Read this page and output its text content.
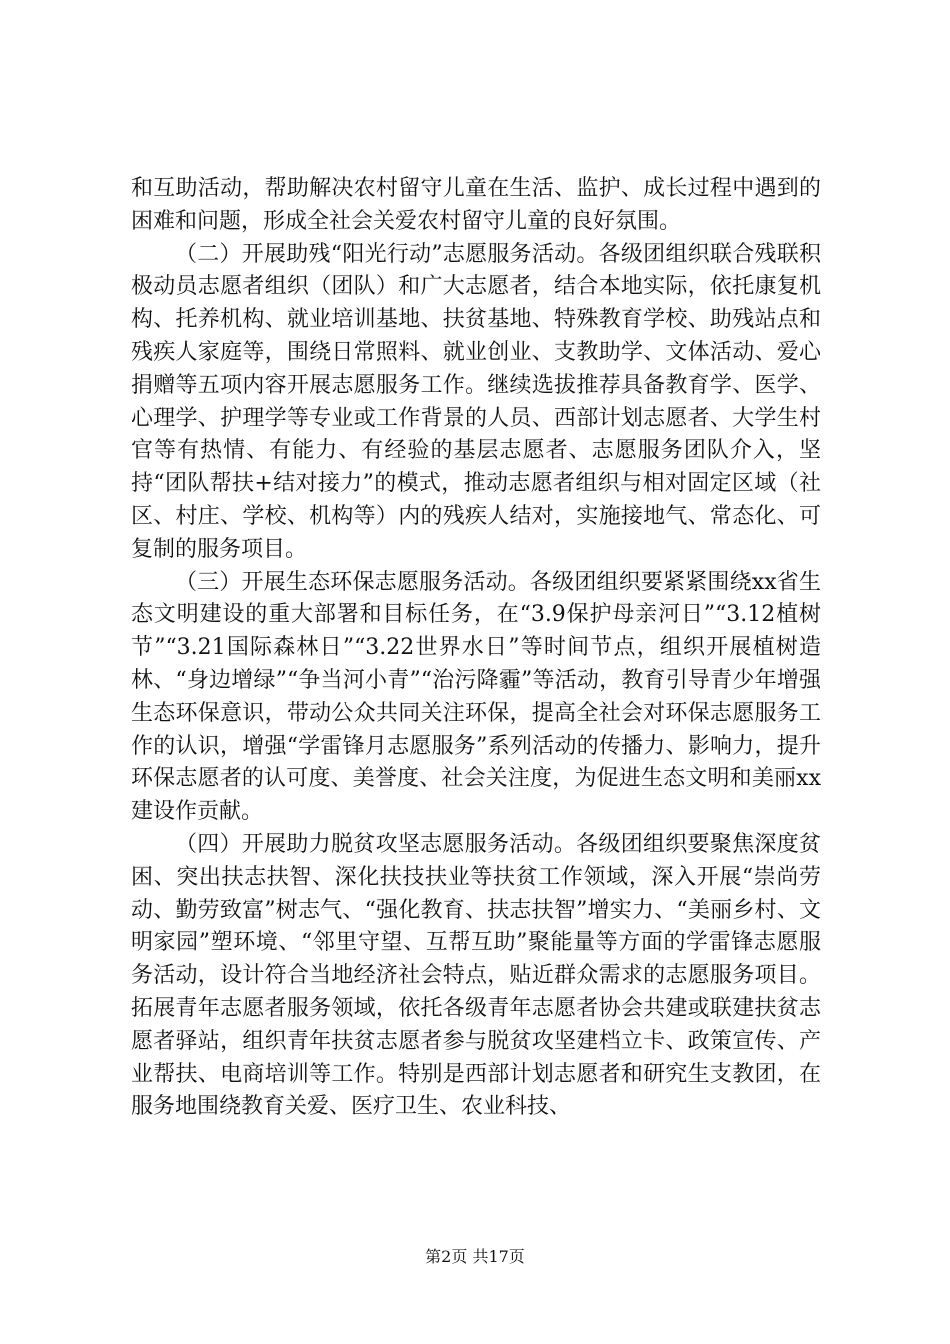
和互助活动，帮助解决农村留守儿童在生活、监护、成长过程中遇到的困难和问题，形成全社会关爱农村留守儿童的良好氛围。

（二）开展助残“阳光行动”志愿服务活动。各级团组织联合残联积极动员志愿者组织（团队）和广大志愿者，结合本地实际，依托康复机构、托养机构、就业培训基地、扶贫基地、特殊教育学校、助残站点和残疾人家庭等，围绕日常照料、就业创业、支教助学、文体活动、爱心捐赠等五项内容开展志愿服务工作。继续选拔推荐具备教育学、医学、心理学、护理学等专业或工作背景的人员、西部计划志愿者、大学生村官等有热情、有能力、有经验的基层志愿者、志愿服务团队介入，坚持“团队帮扶+结对接力”的模式，推动志愿者组织与相对固定区域（社区、村庄、学校、机构等）内的残疾人结对，实施接地气、常态化、可复制的服务项目。

（三）开展生态环保志愿服务活动。各级团组织要紧紧围绕xx省生态文明建设的重大部署和目标任务，在“3.9保护母亲河日”“3.12植树节”“3.21国际森林日”“3.22世界水日”等时间节点，组织开展植树造林、“身边增绿”“争当河小青”“治污降霾”等活动，教育引导青少年增强生态环保意识，带动公众共同关注环保，提高全社会对环保志愿服务工作的认识，增强“学雷锋月志愿服务”系列活动的传播力、影响力，提升环保志愿者的认可度、美誉度、社会关注度，为促进生态文明和美丽xx建设作贡献。

（四）开展助力脱贫攻坚志愿服务活动。各级团组织要聚焦深度贫困、突出扶志扶智、深化扶技扶业等扶贫工作领域，深入开展“崇尚劳动、勤劳致富”树志气、“强化教育、扶志扶智”增实力、“美丽乡村、文明家园”塑环境、“邻里守望、互帮互助”聚能量等方面的学雷锋志愿服务活动，设计符合当地经济社会特点，贴近群众需求的志愿服务项目。拓展青年志愿者服务领域，依托各级青年志愿者协会共建或联建扶贫志愿者驿站，组织青年扶贫志愿者参与脱贫攻坚建档立卡、政策宣传、产业帮扶、电商培训等工作。特别是西部计划志愿者和研究生支教团，在服务地围绕教育关爱、医疗卫生、农业科技、

第2页 共17页
